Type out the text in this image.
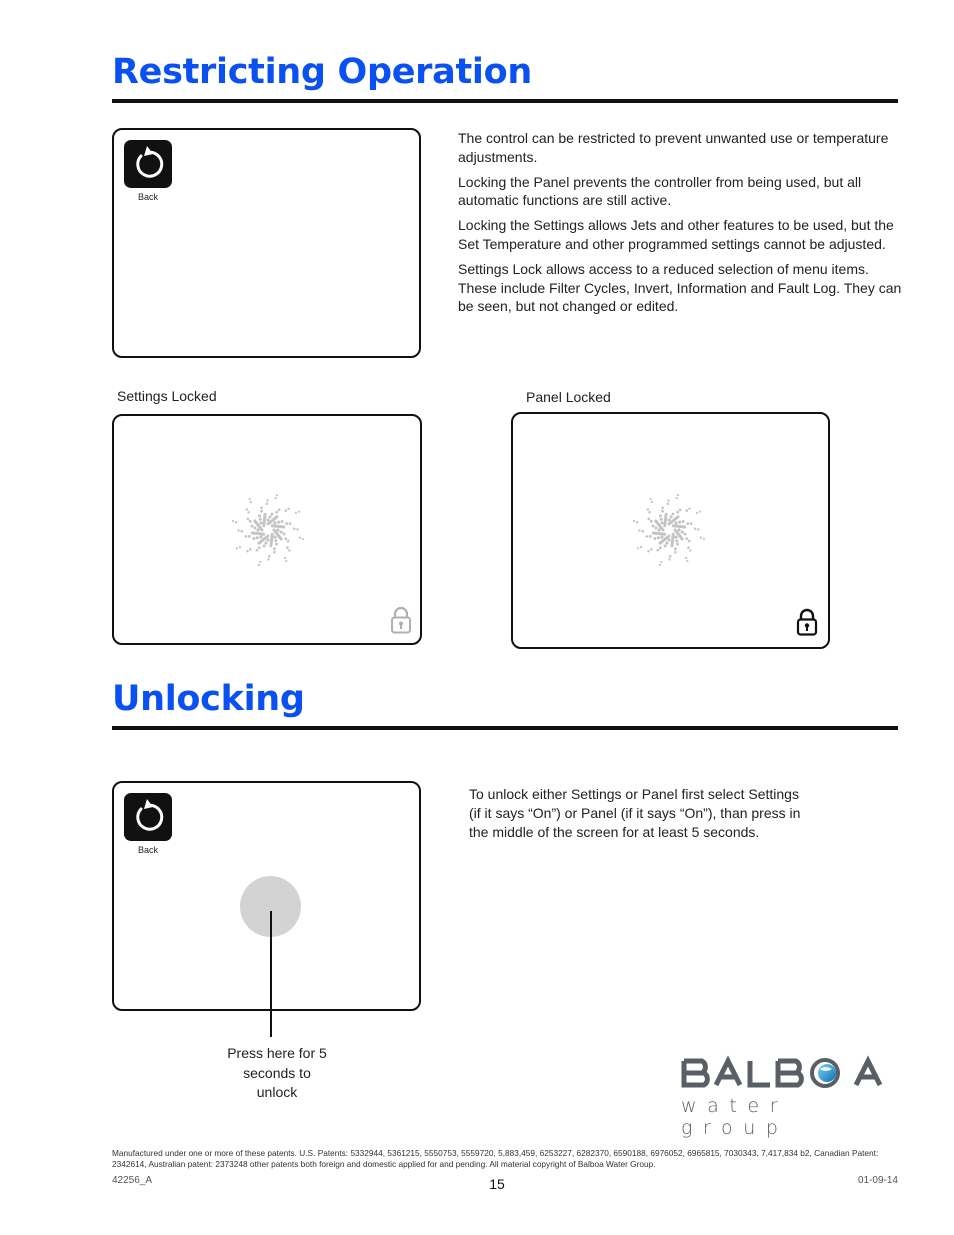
Restricting Operation
Back

The control can be restricted to prevent unwanted use or temperature adjustments.

Locking the Panel prevents the controller from being used, but all automatic functions are still active.

Locking the Settings allows Jets and other features to be used, but the Set Temperature and other programmed settings cannot be adjusted.

Settings Lock allows access to a reduced selection of menu items. These include Filter Cycles, Invert, Information and Fault Log. They can be seen, but not changed or edited.

Settings Locked	Panel Locked
Unlocking
Back
Press here for 5 seconds to unlock
To unlock either Settings or Panel first select Settings (if it says “On”) or Panel (if it says “On”), than press in the middle of the screen for at least 5 seconds.
water group
Manufactured under one or more of these patents. U.S. Patents: 5332944, 5361215, 5550753, 5559720, 5,883,459, 6253227, 6282370, 6590188, 6976052, 6965815, 7030343, 7,417,834 b2, Canadian Patent: 2342614, Australian patent: 2373248 other patents both foreign and domestic applied for and pending. All material copyright of Balboa Water Group.
42256_A	15	01-09-14
